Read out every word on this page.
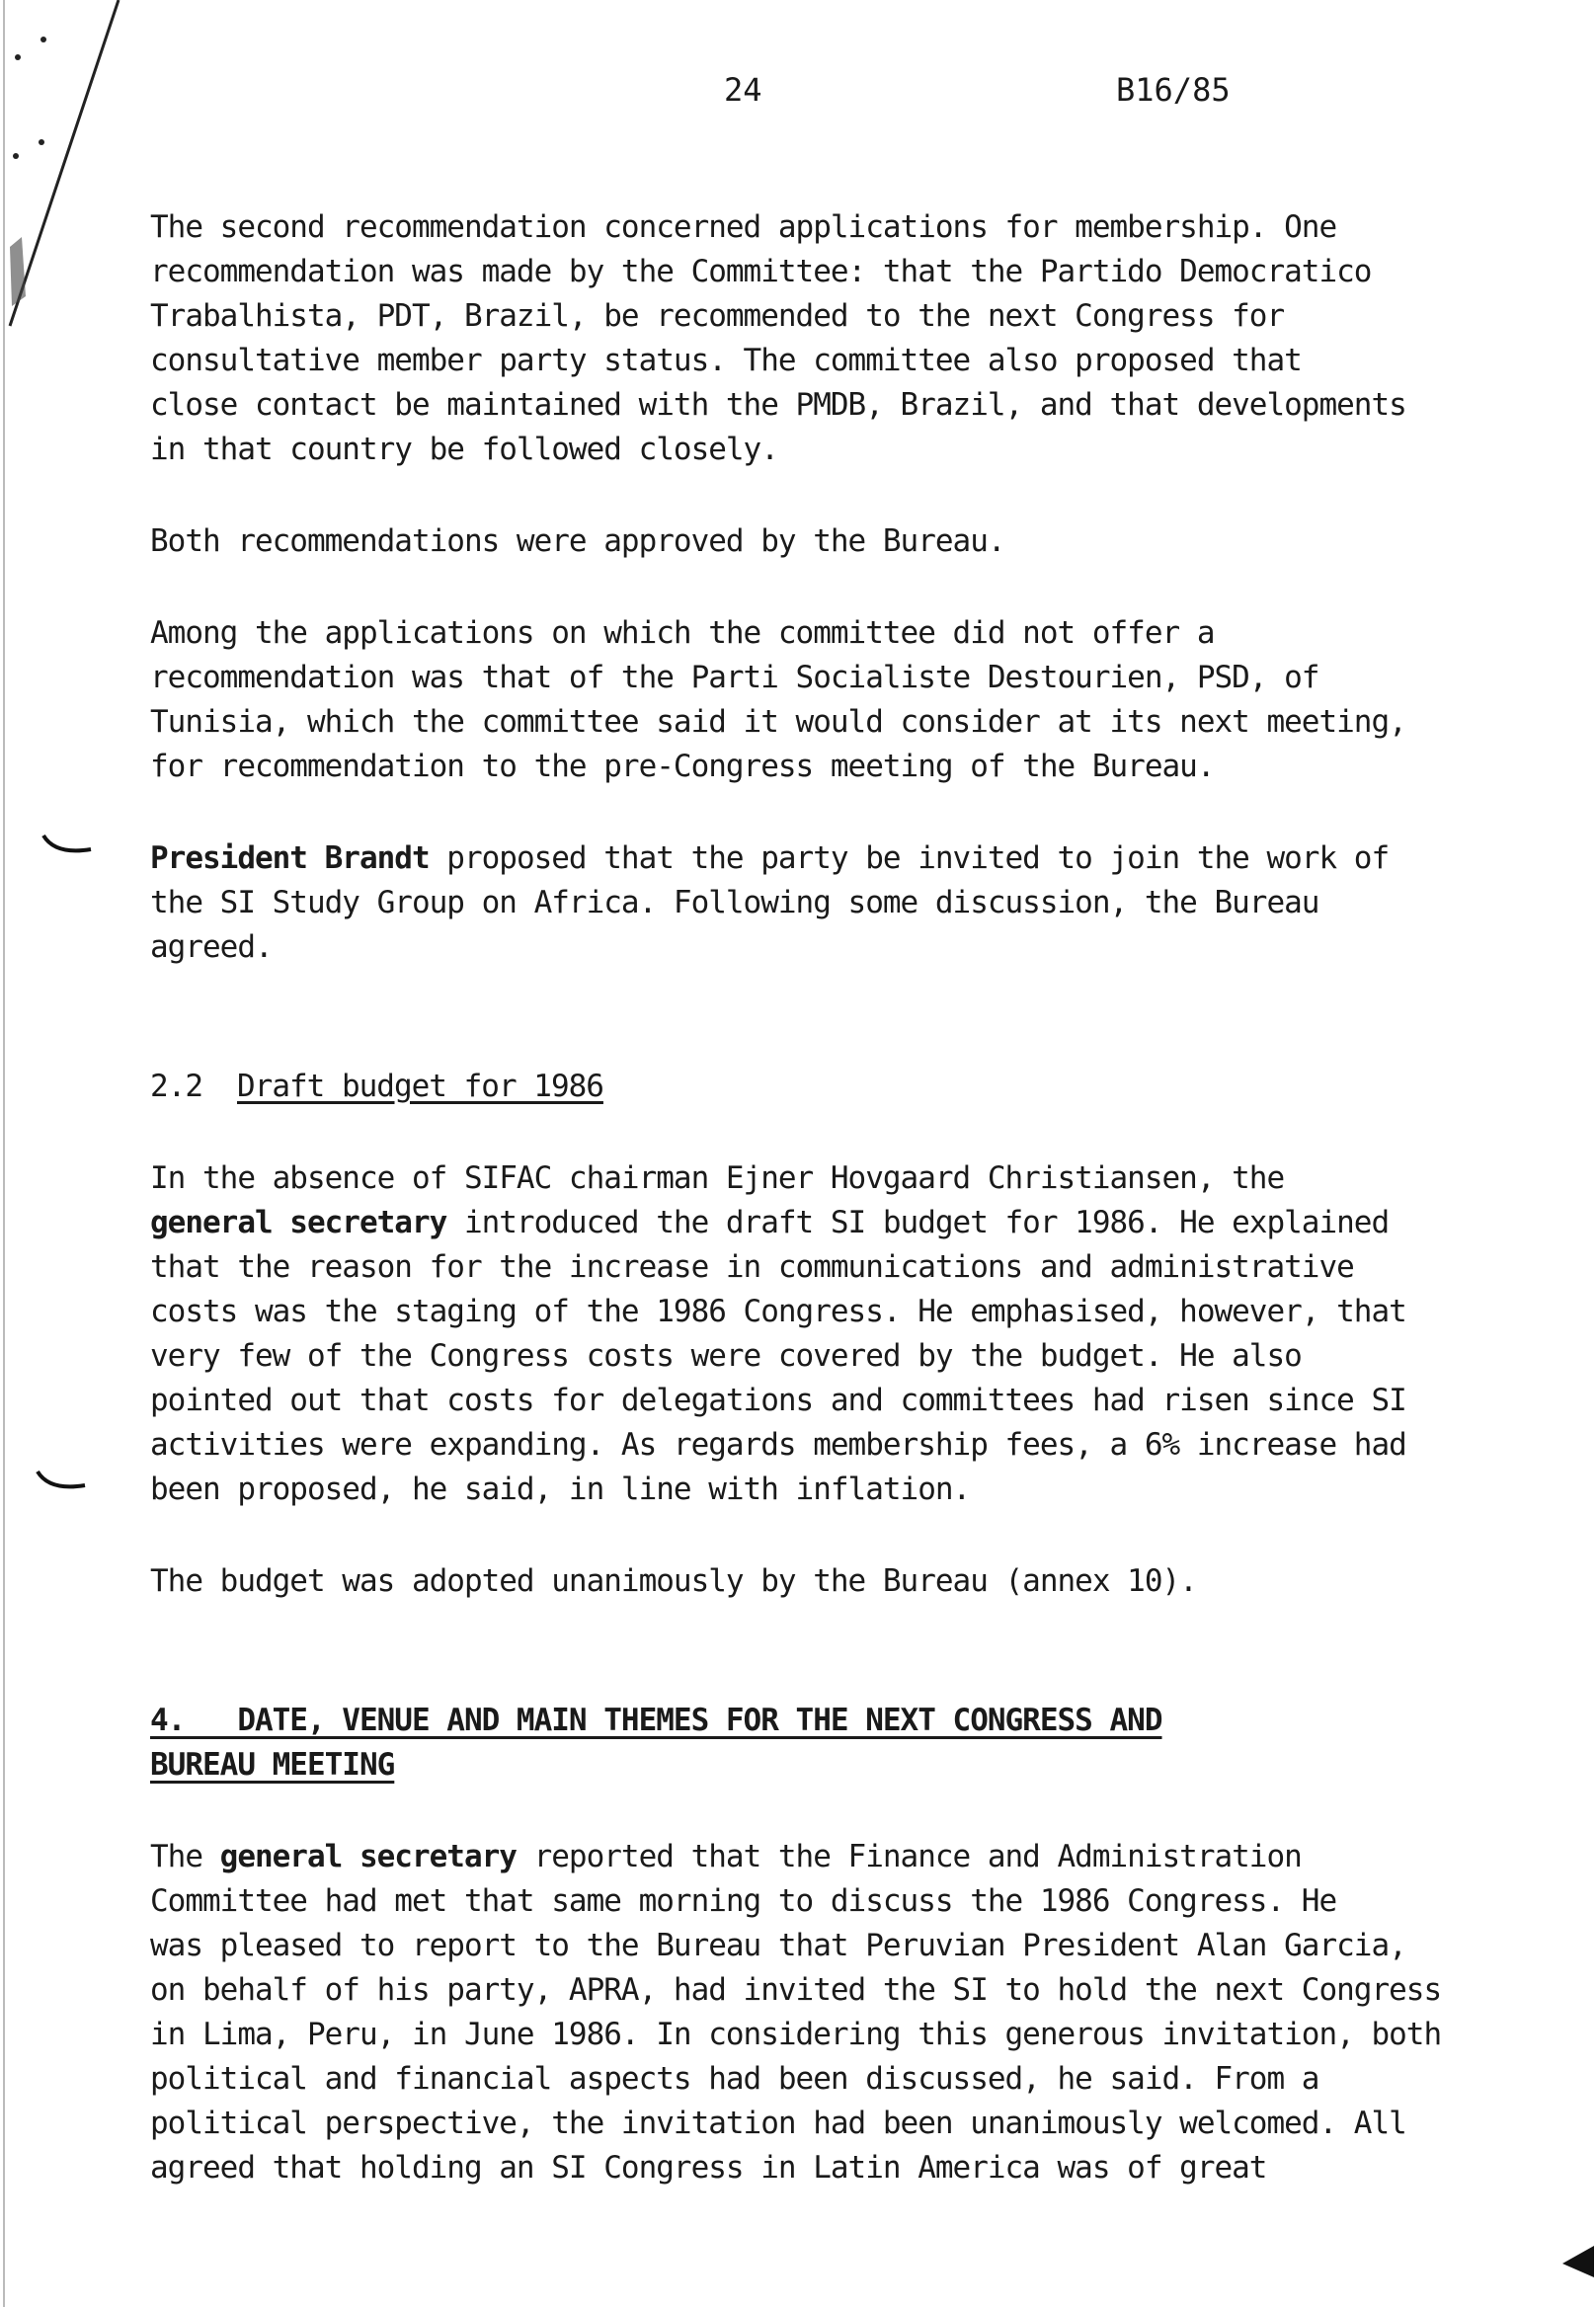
24	B16/85
The second recommendation concerned applications for membership. One
recommendation was made by the Committee: that the Partido Democratico
Trabalhista, PDT, Brazil, be recommended to the next Congress for
consultative member party status. The committee also proposed that
close contact be maintained with the PMDB, Brazil, and that developments
in that country be followed closely.
Both recommendations were approved by the Bureau.
Among the applications on which the committee did not offer a
recommendation was that of the Parti Socialiste Destourien, PSD, of
Tunisia, which the committee said it would consider at its next meeting,
for recommendation to the pre-Congress meeting of the Bureau.
President Brandt proposed that the party be invited to join the work of
the SI Study Group on Africa. Following some discussion, the Bureau
agreed.
2.2 Draft budget for 1986
In the absence of SIFAC chairman Ejner Hovgaard Christiansen, the
general secretary introduced the draft SI budget for 1986. He explained
that the reason for the increase in communications and administrative
costs was the staging of the 1986 Congress. He emphasised, however, that
very few of the Congress costs were covered by the budget. He also
pointed out that costs for delegations and committees had risen since SI
activities were expanding. As regards membership fees, a 6% increase had
been proposed, he said, in line with inflation.
The budget was adopted unanimously by the Bureau (annex 10).
4.   DATE, VENUE AND MAIN THEMES FOR THE NEXT CONGRESS AND
BUREAU MEETING
The general secretary reported that the Finance and Administration
Committee had met that same morning to discuss the 1986 Congress. He
was pleased to report to the Bureau that Peruvian President Alan Garcia,
on behalf of his party, APRA, had invited the SI to hold the next Congress
in Lima, Peru, in June 1986. In considering this generous invitation, both
political and financial aspects had been discussed, he said. From a
political perspective, the invitation had been unanimously welcomed. All
agreed that holding an SI Congress in Latin America was of great
